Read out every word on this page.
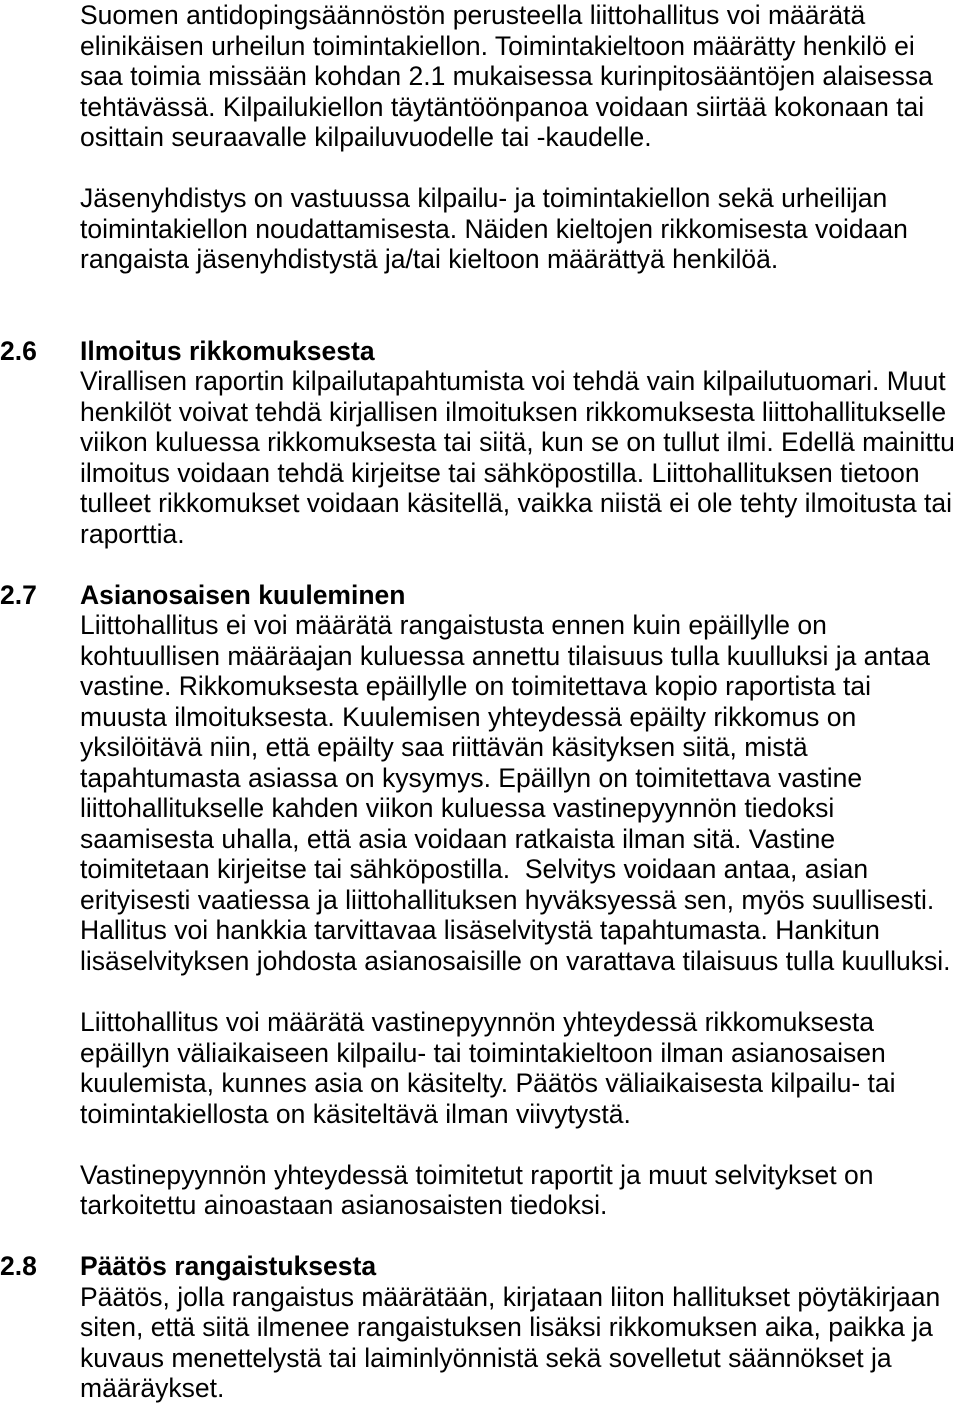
Suomen antidopingsäännöstön perusteella liittohallitus voi määrätä
elinikäisen urheilun toimintakiellon. Toimintakieltoon määrätty henkilö ei
saa toimia missään kohdan 2.1 mukaisessa kurinpitosääntöjen alaisessa
tehtävässä. Kilpailukiellon täytäntöönpanoa voidaan siirtää kokonaan tai
osittain seuraavalle kilpailuvuodelle tai -kaudelle.
Jäsenyhdistys on vastuussa kilpailu- ja toimintakiellon sekä urheilijan
toimintakiellon noudattamisesta. Näiden kieltojen rikkomisesta voidaan
rangaista jäsenyhdistystä ja/tai kieltoon määrättyä henkilöä.

2.6

Ilmoitus rikkomuksesta

Virallisen raportin kilpailutapahtumista voi tehdä vain kilpailutuomari. Muut
henkilöt voivat tehdä kirjallisen ilmoituksen rikkomuksesta liittohallitukselle
viikon kuluessa rikkomuksesta tai siitä, kun se on tullut ilmi. Edellä mainittu
ilmoitus voidaan tehdä kirjeitse tai sähköpostilla. Liittohallituksen tietoon
tulleet rikkomukset voidaan käsitellä, vaikka niistä ei ole tehty ilmoitusta tai
raporttia.

2.7

Asianosaisen kuuleminen

Liittohallitus ei voi määrätä rangaistusta ennen kuin epäillylle on
kohtuullisen määräajan kuluessa annettu tilaisuus tulla kuulluksi ja antaa
vastine. Rikkomuksesta epäillylle on toimitettava kopio raportista tai
muusta ilmoituksesta. Kuulemisen yhteydessä epäilty rikkomus on
yksilöitävä niin, että epäilty saa riittävän käsityksen siitä, mistä
tapahtumasta asiassa on kysymys. Epäillyn on toimitettava vastine
liittohallitukselle kahden viikon kuluessa vastinepyynnön tiedoksi
saamisesta uhalla, että asia voidaan ratkaista ilman sitä. Vastine
toimitetaan kirjeitse tai sähköpostilla.  Selvitys voidaan antaa, asian
erityisesti vaatiessa ja liittohallituksen hyväksyessä sen, myös suullisesti.
Hallitus voi hankkia tarvittavaa lisäselvitystä tapahtumasta. Hankitun
lisäselvityksen johdosta asianosaisille on varattava tilaisuus tulla kuulluksi.
Liittohallitus voi määrätä vastinepyynnön yhteydessä rikkomuksesta
epäillyn väliaikaiseen kilpailu- tai toimintakieltoon ilman asianosaisen
kuulemista, kunnes asia on käsitelty. Päätös väliaikaisesta kilpailu- tai
toimintakiellosta on käsiteltävä ilman viivytystä.
Vastinepyynnön yhteydessä toimitetut raportit ja muut selvitykset on
tarkoitettu ainoastaan asianosaisten tiedoksi.

2.8

Päätös rangaistuksesta

Päätös, jolla rangaistus määrätään, kirjataan liiton hallitukset pöytäkirjaan
siten, että siitä ilmenee rangaistuksen lisäksi rikkomuksen aika, paikka ja
kuvaus menettelystä tai laiminlyönnistä sekä sovelletut säännökset ja
määräykset.
